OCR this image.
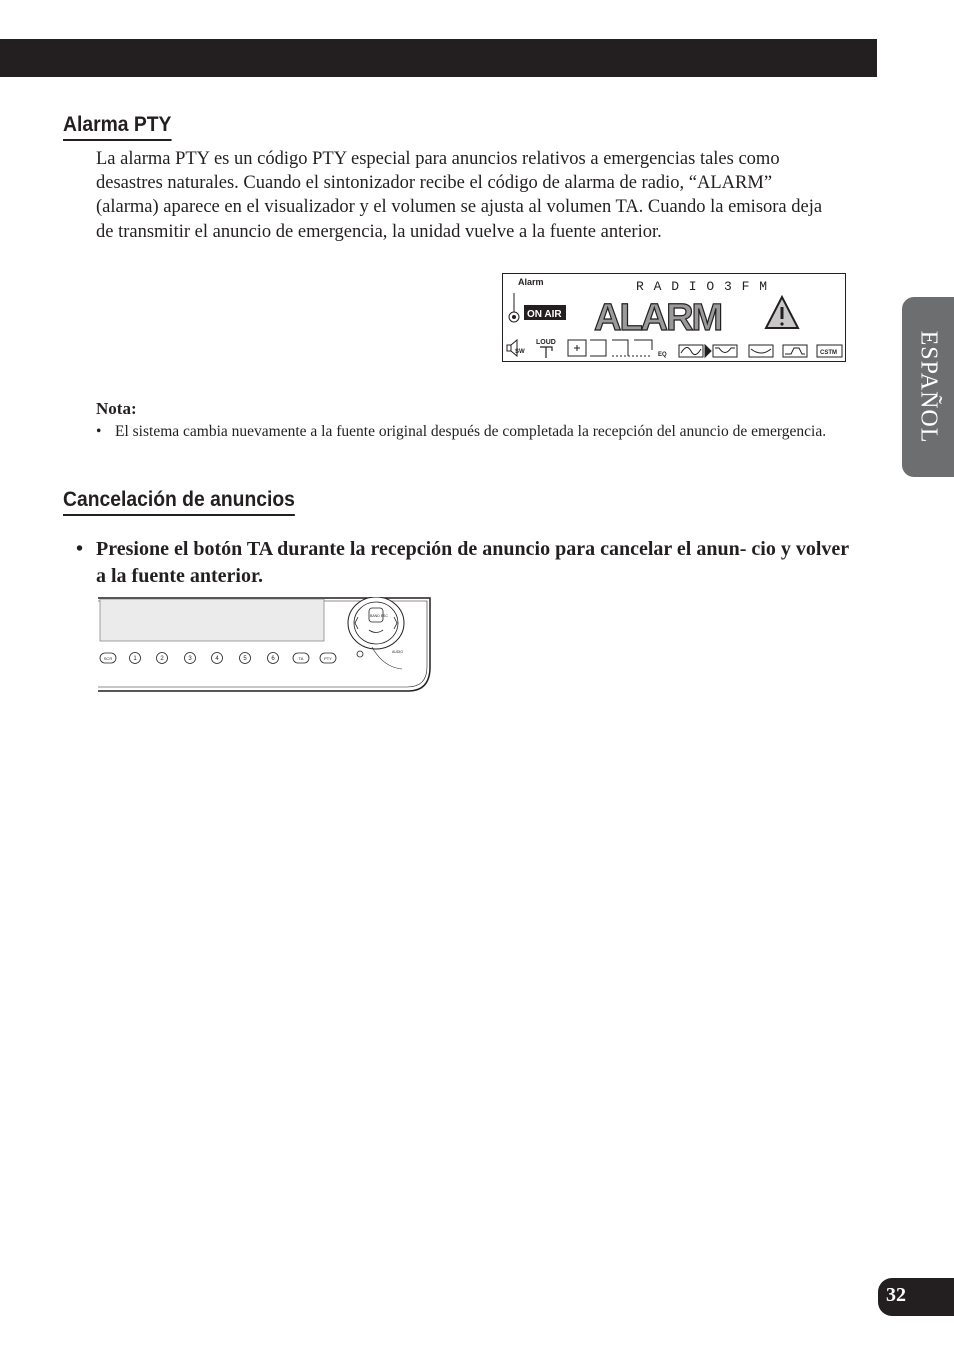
ESPAÑOL
Alarma PTY
La alarma PTY es un código PTY especial para anuncios relativos a emergencias tales como desastres naturales. Cuando el sintonizador recibe el código de alarma de radio, “ALARM” (alarma) aparece en el visualizador y el volumen se ajusta al volumen TA. Cuando la emisora deja de transmitir el anuncio de emergencia, la unidad vuelve a la fuente anterior.
Alarm	R A D I O 3 F M
ON AIR ALARM
SW
LOUD
EQ	CSTM
Nota:
• El sistema cambia nuevamente a la fuente original después de completada la recepción del anuncio de emergencia.
Cancelación de anuncios
• Presione el botón TA durante la recepción de anuncio para cancelar el anun- cio y volver a la fuente anterior.
BAND ESC
AUDIO
SCR	1	2	3	4	5	6	TA	PTY
32
